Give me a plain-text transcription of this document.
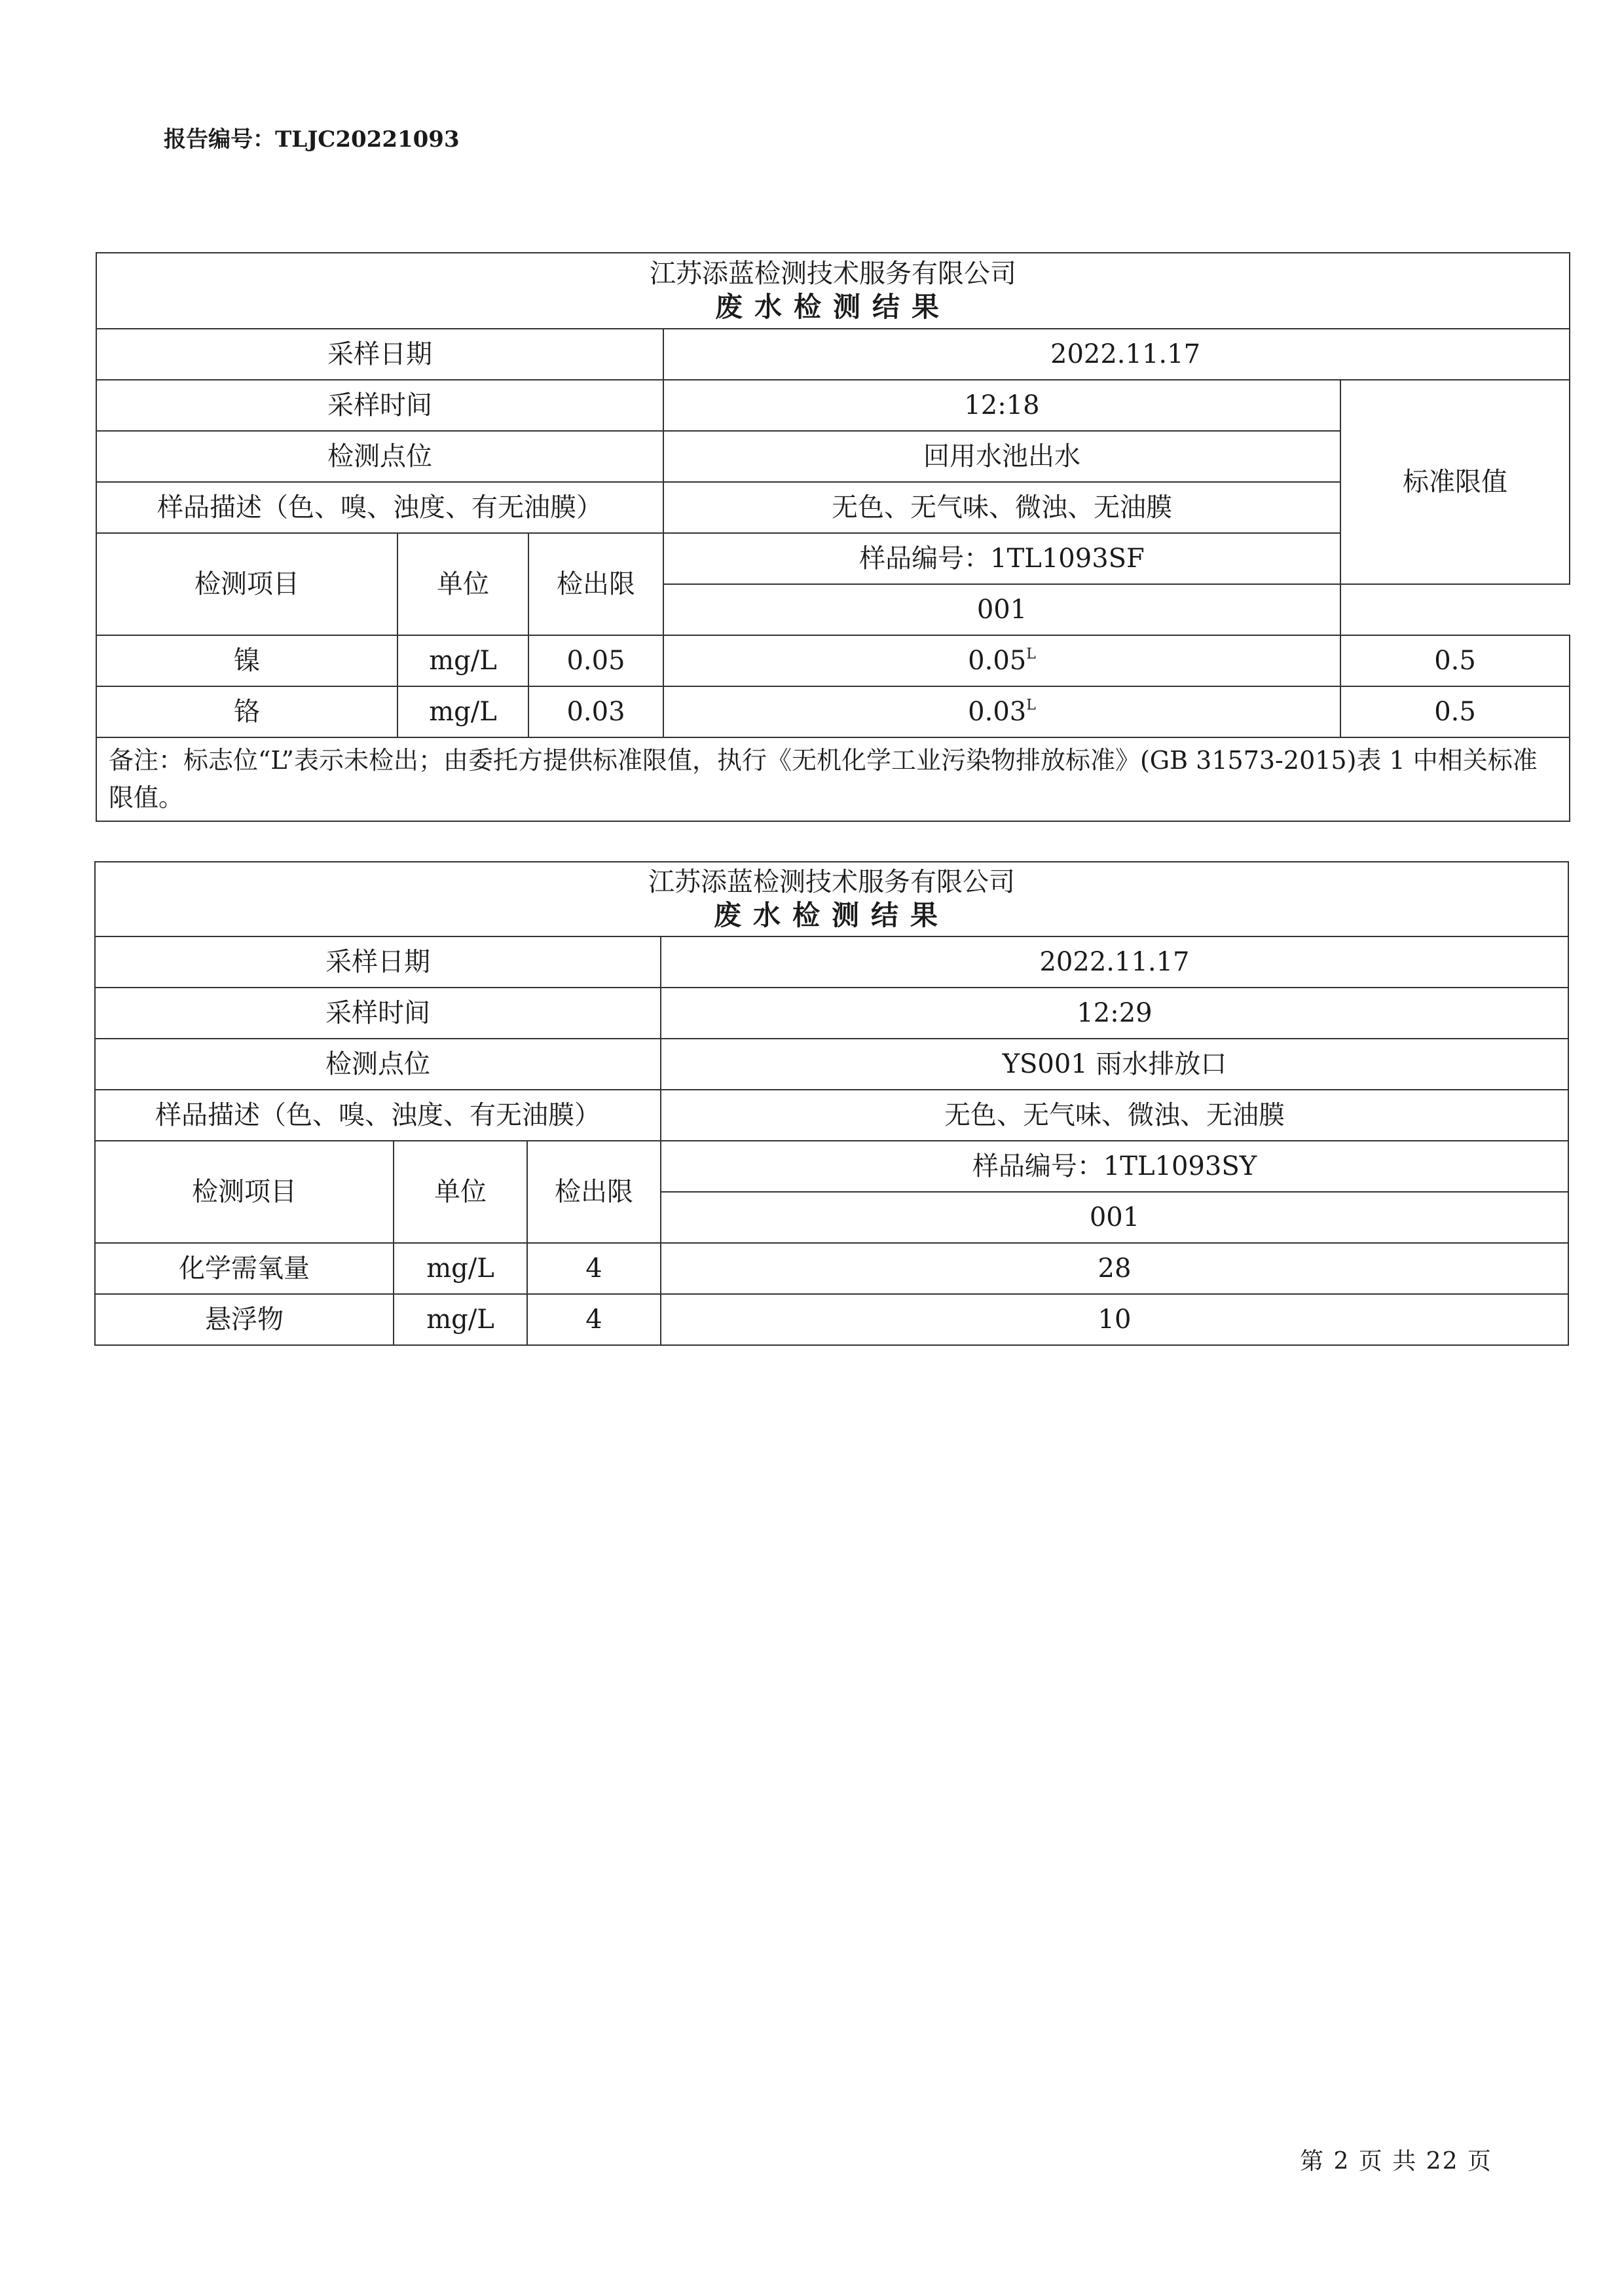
报告编号：TLJC20221093
江苏添蓝检测技术服务有限公司
废水检测结果				

采样日期			2022.11.17	
采样时间			12:18	标准限值
检测点位			回用水池出水	
样品描述（色、嗅、浊度、有无油膜）			无色、无气味、微浊、无油膜	
检测项目	单位	检出限	样品编号：1TL1093SF	
			001	
镍	mg/L	0.05	$0.05^L$	0.5
铬	mg/L	0.03	$0.03^L$	0.5
备注：标志位“L”表示未检出；由委托方提供标准限值，执行《无机化学工业污染物排放标准》(GB 31573-2015)表 1 中相关标准限值。				
江苏添蓝检测技术服务有限公司
废水检测结果			

采样日期			2022.11.17
采样时间			12:29
检测点位			YS001 雨水排放口
样品描述（色、嗅、浊度、有无油膜）			无色、无气味、微浊、无油膜
检测项目	单位	检出限	样品编号：1TL1093SY
			001
化学需氧量	mg/L	4	28
悬浮物	mg/L	4	10
第 2 页 共 22 页
